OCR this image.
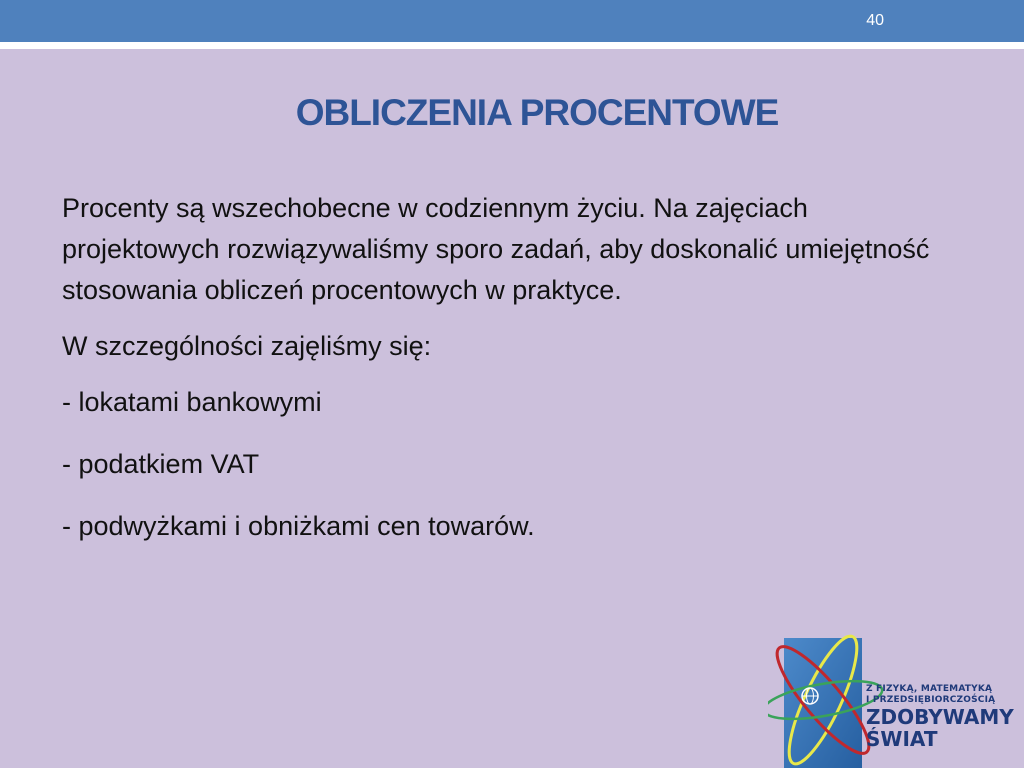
40
OBLICZENIA PROCENTOWE

Procenty są wszechobecne w codziennym życiu. Na zajęciach projektowych rozwiązywaliśmy sporo zadań, aby doskonalić umiejętność stosowania obliczeń procentowych w praktyce.

W szczególności zajęliśmy się:

- lokatami bankowymi

- podatkiem VAT

- podwyżkami i obniżkami cen towarów.

Z FIZYKĄ, MATEMATYKĄ
I PRZEDSIĘBIORCZOŚCIĄ
ZDOBYWAMY
ŚWIAT
